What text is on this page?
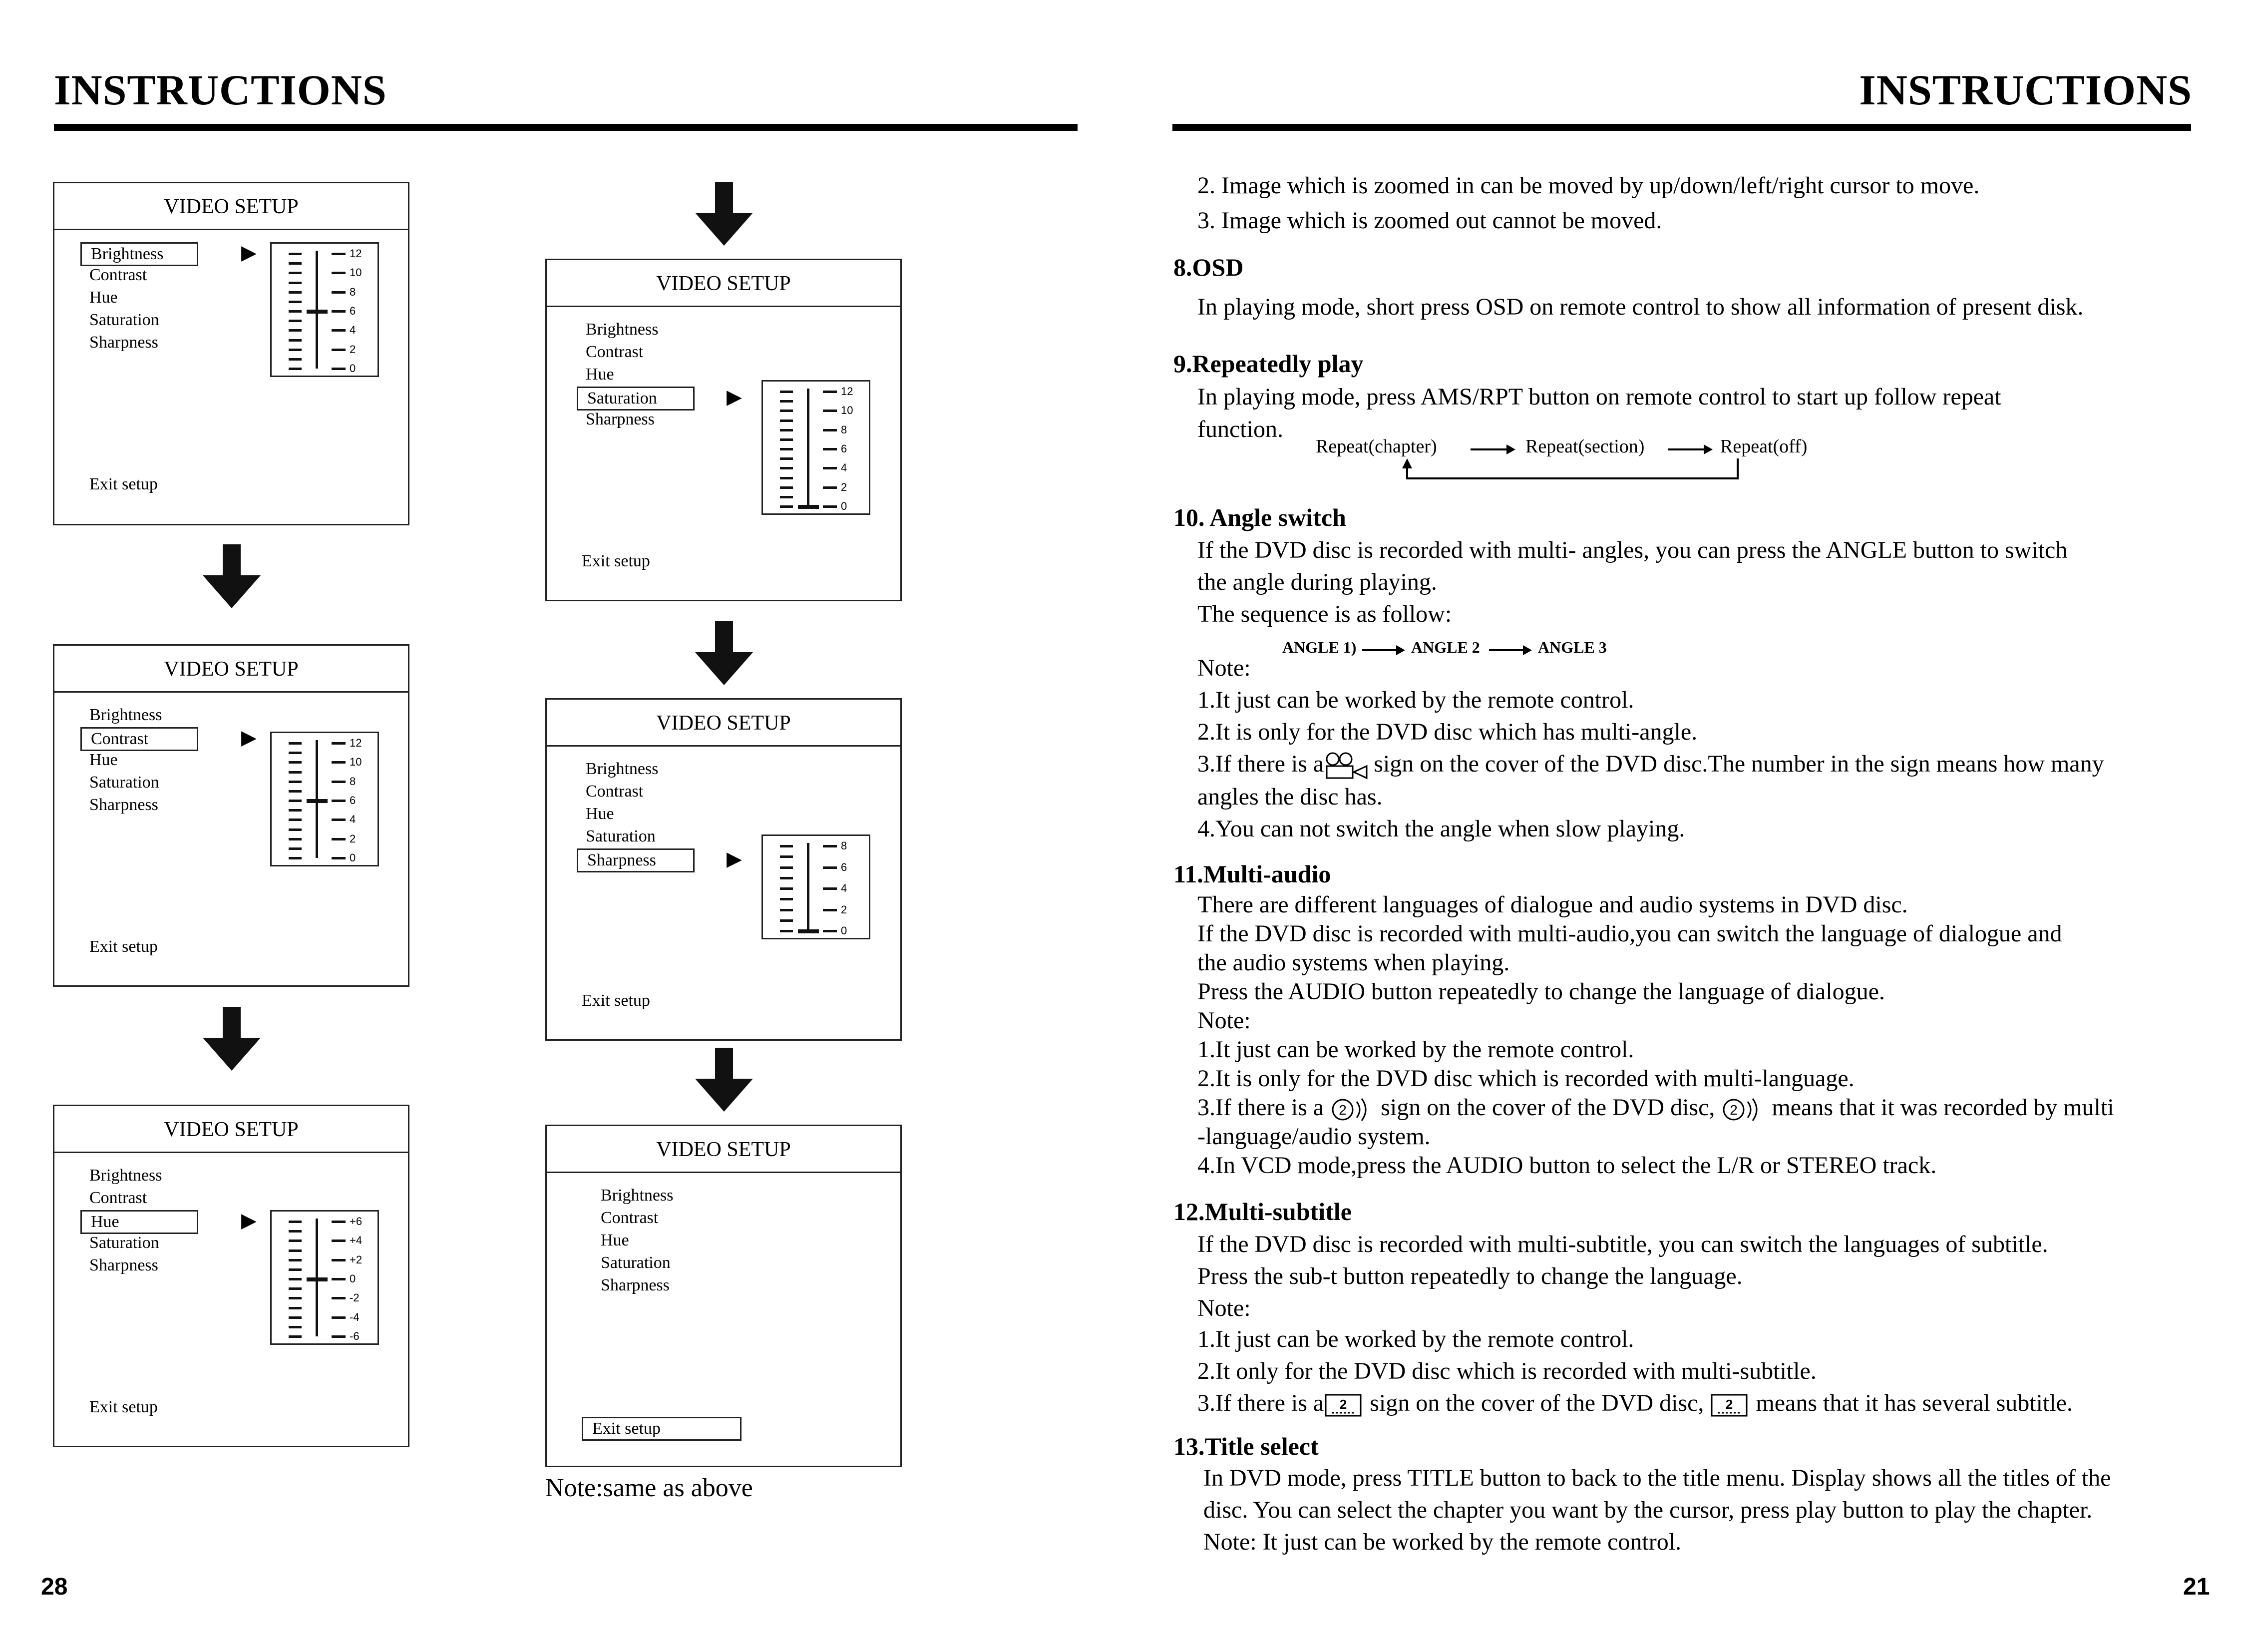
INSTRUCTIONS	INSTRUCTIONS
VIDEO SETUP
Brightness
Contrast
Hue
Saturation
Sharpness
Exit setup
▶	12
10
8
6
4
2
0
VIDEO SETUP
Brightness
Contrast
Hue
Saturation
Sharpness
Exit setup
▶	12
10
8
6
4
2
0
VIDEO SETUP
Brightness
Contrast
Hue
Saturation
Sharpness
Exit setup
▶	+6
+4
+2
0
-2
-4
-6
VIDEO SETUP
Brightness
Contrast
Hue
Saturation
Sharpness
Exit setup
▶	12
10
8
6
4
2
0
VIDEO SETUP
Brightness
Contrast
Hue
Saturation
Sharpness
Exit setup
▶
8
6
4
2
0
VIDEO SETUP
Brightness
Contrast
Hue
Saturation
Sharpness
Exit setup
Note:same as above
2. Image which is zoomed in can be moved by up/down/left/right cursor to move.
3. Image which is zoomed out cannot be moved.
8.OSD
In playing mode, short press OSD on remote control to show all information of present disk.
9.Repeatedly play
In playing mode, press AMS/RPT button on remote control to start up follow repeat
function.
Repeat(chapter)	Repeat(section)	Repeat(off)
10. Angle switch
If the DVD disc is recorded with multi- angles, you can press the ANGLE button to switch
the angle during playing.
The sequence is as follow:
ANGLE 1)	ANGLE 2	ANGLE 3
Note:
1.It just can be worked by the remote control.
2.It is only for the DVD disc which has multi-angle.
3.If there is a sign on the cover of the DVD disc.The number in the sign means how many
angles the disc has.
4.You can not switch the angle when slow playing.
11.Multi-audio
There are different languages of dialogue and audio systems in DVD disc.
If the DVD disc is recorded with multi-audio,you can switch the language of dialogue and
the audio systems when playing.
Press the AUDIO button repeatedly to change the language of dialogue.
Note:
1.It just can be worked by the remote control.
2.It is only for the DVD disc which is recorded with multi-language.
3.If there is a 2 sign on the cover of the DVD disc, 2 means that it was recorded by multi
-language/audio system.
4.In VCD mode,press the AUDIO button to select the L/R or STEREO track.
12.Multi-subtitle
If the DVD disc is recorded with multi-subtitle, you can switch the languages of subtitle.
Press the sub-t button repeatedly to change the language.
Note:
1.It just can be worked by the remote control.
2.It only for the DVD disc which is recorded with multi-subtitle.
3.If there is a 2 sign on the cover of the DVD disc, 2 means that it has several subtitle.
13.Title select
In DVD mode, press TITLE button to back to the title menu. Display shows all the titles of the
disc. You can select the chapter you want by the cursor, press play button to play the chapter.
Note: It just can be worked by the remote control.
28	21
